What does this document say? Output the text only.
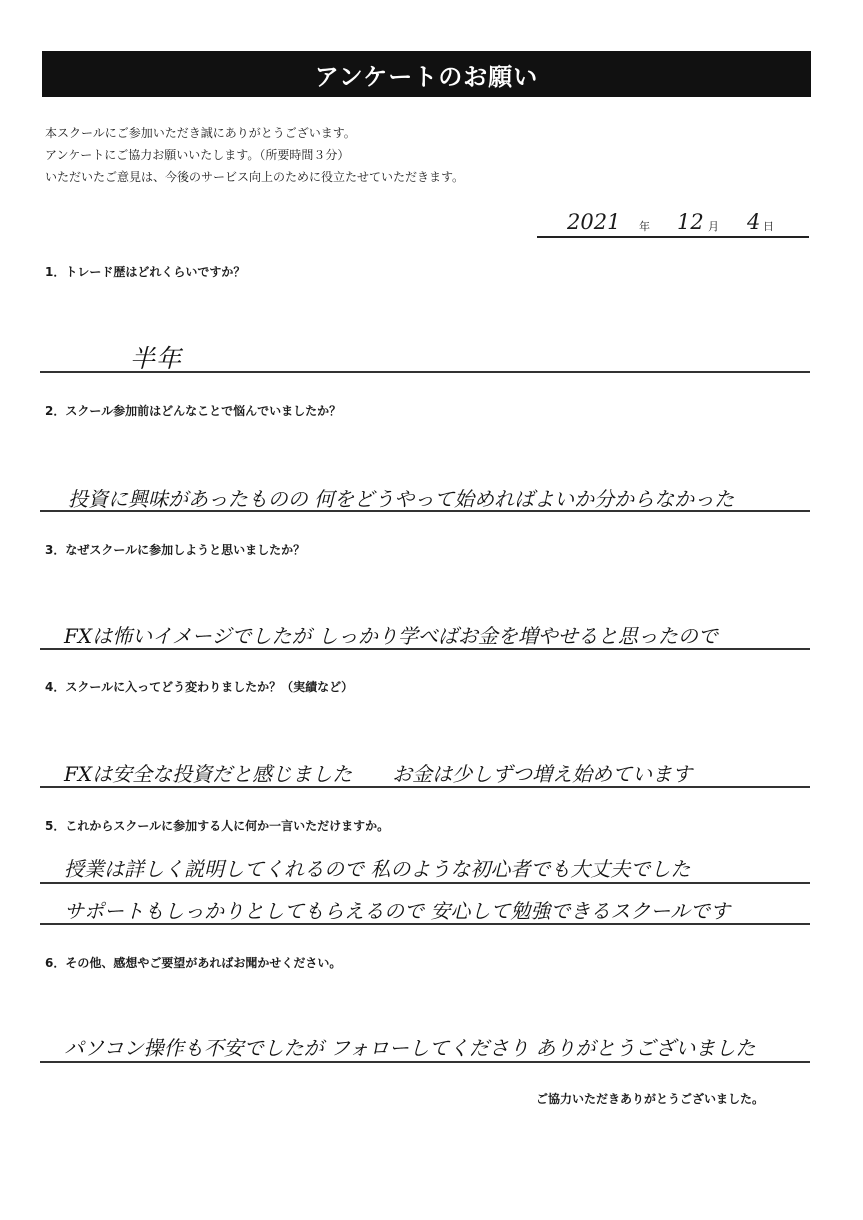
アンケートのお願い
本スクールにご参加いただき誠にありがとうございます。
アンケートにご協力お願いいたします。（所要時間３分）
いただいたご意見は、今後のサービス向上のために役立たせていただきます。
2021 年 12 月 4 日
1．トレード歴はどれくらいですか？
半年
2．スクール参加前はどんなことで悩んでいましたか？
投資に興味があったものの 何をどうやって始めればよいか分からなかった
3．なぜスクールに参加しようと思いましたか？
FXは怖いイメージでしたが しっかり学べばお金を増やせると思ったので
4．スクールに入ってどう変わりましたか？（実績など）
FXは安全な投資だと感じました　　お金は少しずつ増え始めています
5．これからスクールに参加する人に何か一言いただけますか。
授業は詳しく説明してくれるので 私のような初心者でも大丈夫でした
サポートもしっかりとしてもらえるので 安心して勉強できるスクールです
6．その他、感想やご要望があればお聞かせください。
パソコン操作も不安でしたが フォローしてくださり ありがとうございました
ご協力いただきありがとうございました。
